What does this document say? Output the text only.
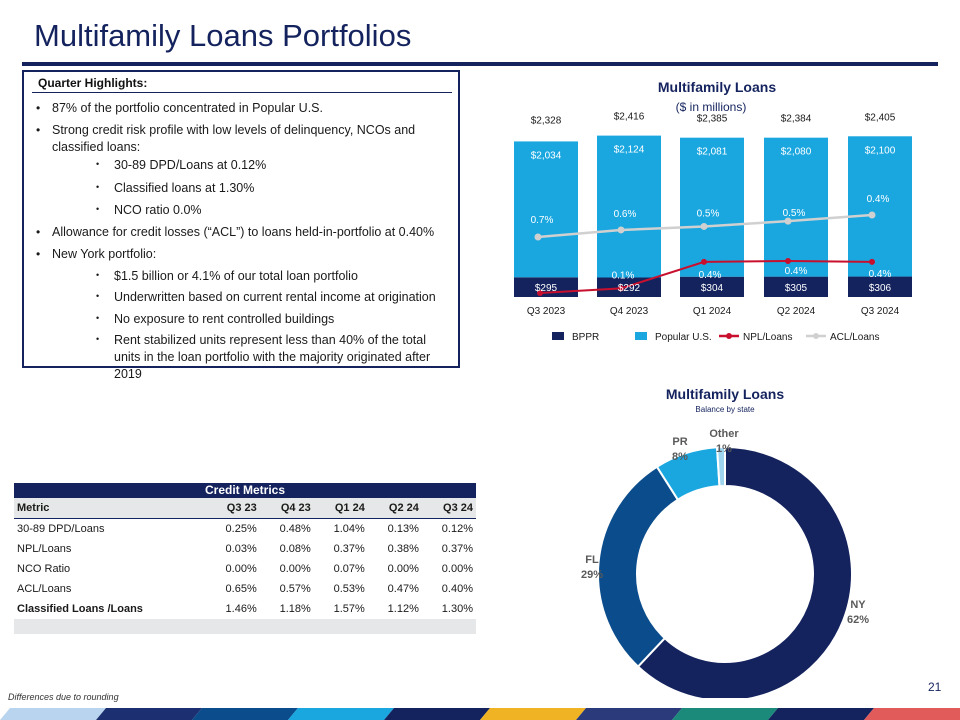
Multifamily Loans Portfolios
Quarter Highlights:
• 87% of the portfolio concentrated in Popular U.S.
• Strong credit risk profile with low levels of delinquency, NCOs and classified loans:
• 30-89 DPD/Loans at 0.12%
• Classified loans at 1.30%
• NCO ratio 0.0%
• Allowance for credit losses (“ACL”) to loans held-in-portfolio at 0.40%
• New York portfolio:
• $1.5 billion or 4.1% of our total loan portfolio
• Underwritten based on current rental income at origination
• No exposure to rent controlled buildings
• Rent stabilized units represent less than 40% of the total units in the loan portfolio with the majority originated after 2019
Multifamily Loans
($ in millions)
$295
$2,034
$2,328
Q3 2023
$292
$2,124
$2,416
Q4 2023
$304
$2,081
$2,385
Q1 2024
$305
$2,080
$2,384
Q2 2024
$306
$2,100
$2,405
Q3 2024
0.7%
0.6%	0.5%	0.5%
0.4%
0.1%	0.4%	0.4%	0.4%
BPPR	Popular U.S.	NPL/Loans	ACL/Loans
Multifamily Loans
Balance by state
NY
62%
FL
29%
PR
8%
Other
1%
Credit Metrics					
Metric	Q3 23	Q4 23	Q1 24	Q2 24	Q3 24
30-89 DPD/Loans	0.25%	0.48%	1.04%	0.13%	0.12%
NPL/Loans	0.03%	0.08%	0.37%	0.38%	0.37%
NCO Ratio	0.00%	0.00%	0.07%	0.00%	0.00%
ACL/Loans	0.65%	0.57%	0.53%	0.47%	0.40%
Classified Loans /Loans	1.46%	1.18%	1.57%	1.12%	1.30%

Differences due to rounding
21
